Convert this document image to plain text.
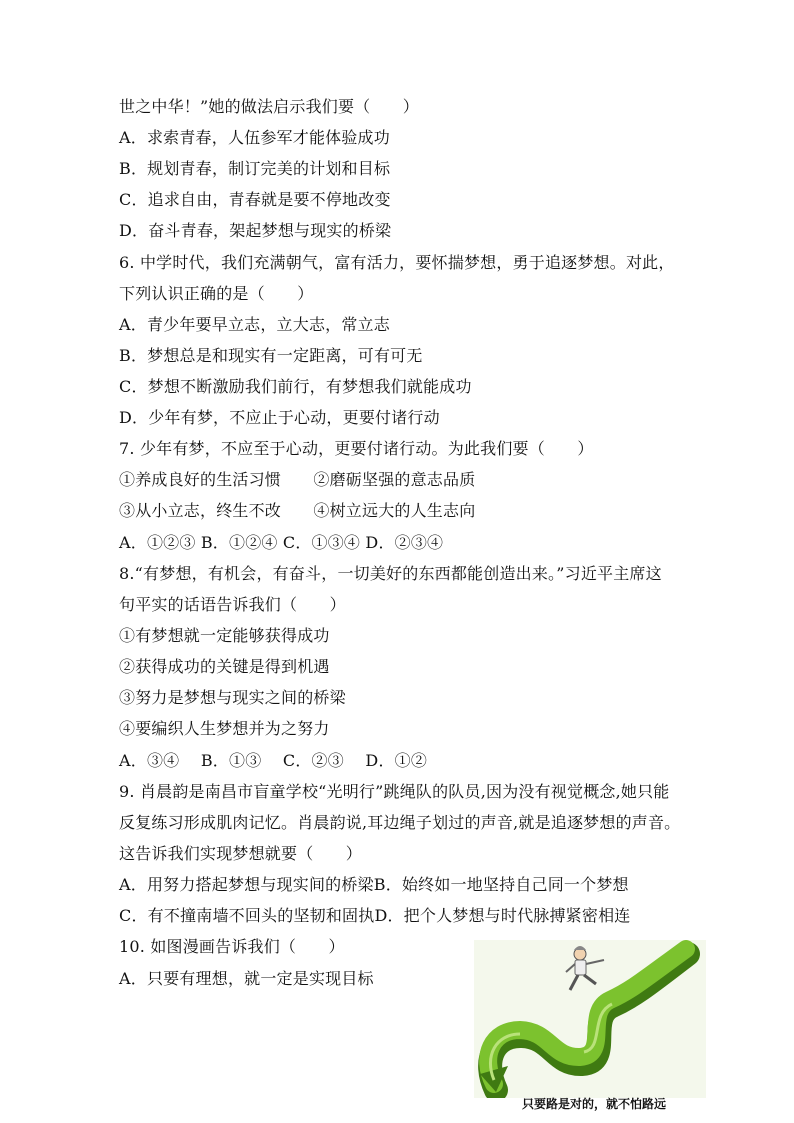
世之中华！”她的做法启示我们要（　　）
A．求索青春，人伍参军才能体验成功
B．规划青春，制订完美的计划和目标
C．追求自由，青春就是要不停地改变
D．奋斗青春，架起梦想与现实的桥梁
6. 中学时代，我们充满朝气，富有活力，要怀揣梦想，勇于追逐梦想。对此，
下列认识正确的是（　　）
A．青少年要早立志，立大志，常立志
B．梦想总是和现实有一定距离，可有可无
C．梦想不断激励我们前行，有梦想我们就能成功
D．少年有梦，不应止于心动，更要付诸行动
7. 少年有梦，不应至于心动，更要付诸行动。为此我们要（　　）
①养成良好的生活习惯　　②磨砺坚强的意志品质
③从小立志，终生不改　　④树立远大的人生志向
A．①②③ B．①②④ C．①③④ D．②③④
8.“有梦想，有机会，有奋斗，一切美好的东西都能创造出来。”习近平主席这
句平实的话语告诉我们（　　）
①有梦想就一定能够获得成功
②获得成功的关键是得到机遇
③努力是梦想与现实之间的桥梁
④要编织人生梦想并为之努力
A．③④　 B．①③　 C．②③　 D．①②
9. 肖晨韵是南昌市盲童学校“光明行”跳绳队的队员,因为没有视觉概念,她只能
反复练习形成肌肉记忆。肖晨韵说,耳边绳子划过的声音,就是追逐梦想的声音。
这告诉我们实现梦想就要（　　）
A．用努力搭起梦想与现实间的桥梁B．始终如一地坚持自己同一个梦想
C．有不撞南墙不回头的坚韧和固执D．把个人梦想与时代脉搏紧密相连
10. 如图漫画告诉我们（　　）
A．只要有理想，就一定是实现目标
只要路是对的，就不怕路远
